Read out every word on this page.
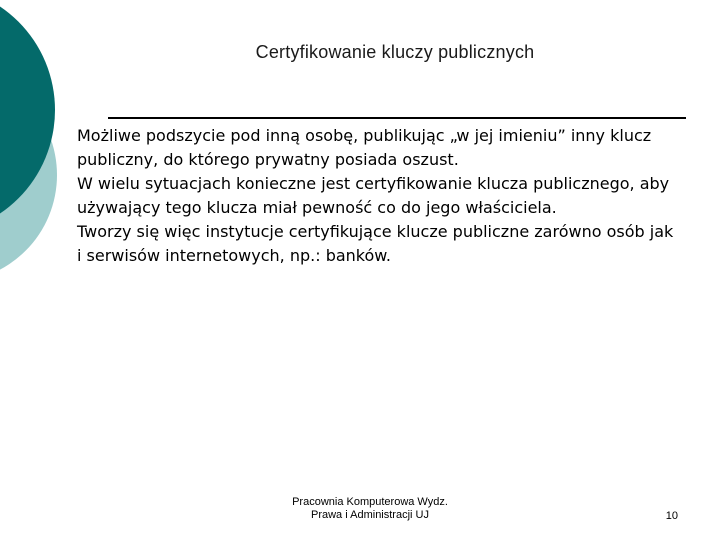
Certyfikowanie kluczy publicznych

Możliwe podszycie pod inną osobę, publikując „w jej imieniu” inny klucz publiczny, do którego prywatny posiada oszust.

W wielu sytuacjach konieczne jest certyfikowanie klucza publicznego, aby używający tego klucza miał pewność co do jego właściciela.

Tworzy się więc instytucje certyfikujące klucze publiczne zarówno osób jak i serwisów internetowych, np.: banków.

Pracownia Komputerowa Wydz.
Prawa i Administracji UJ	10
